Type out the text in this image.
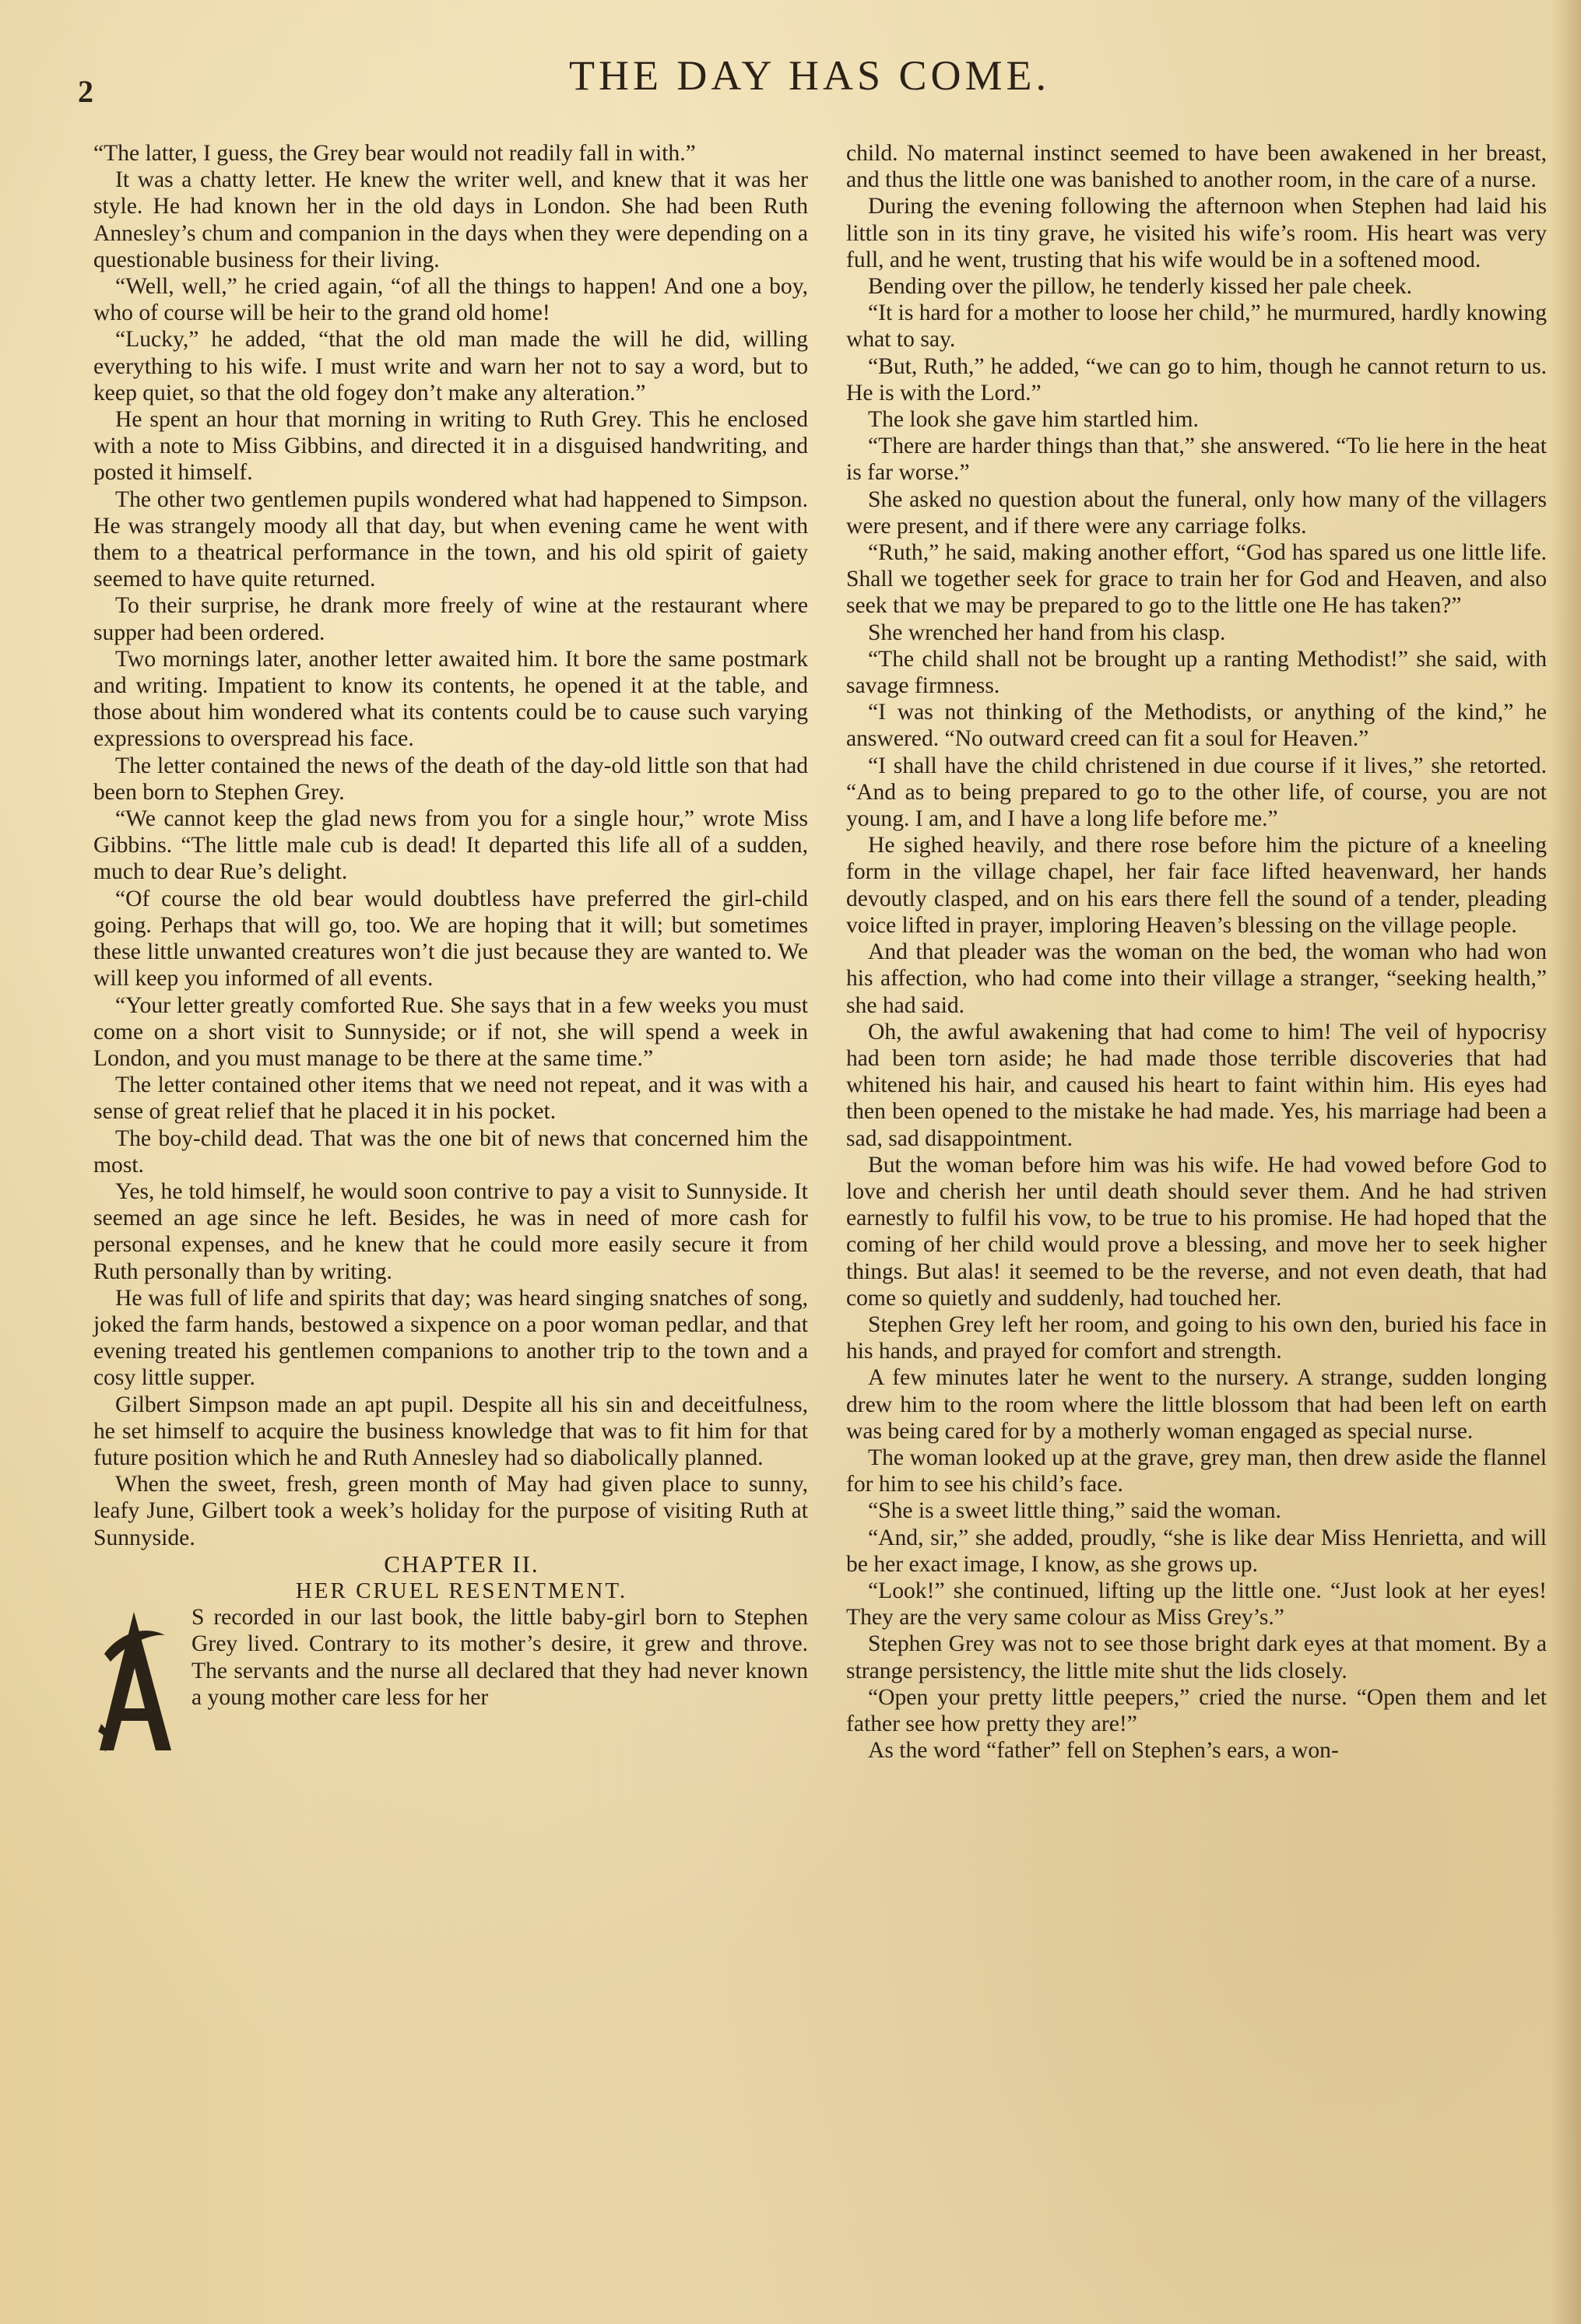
2	THE DAY HAS COME.

“The latter, I guess, the Grey bear would not readily fall in with.”

It was a chatty letter. He knew the writer well, and knew that it was her style. He had known her in the old days in London. She had been Ruth Annesley’s chum and companion in the days when they were depending on a questionable business for their living.

“Well, well,” he cried again, “of all the things to happen! And one a boy, who of course will be heir to the grand old home!

“Lucky,” he added, “that the old man made the will he did, willing everything to his wife. I must write and warn her not to say a word, but to keep quiet, so that the old fogey don’t make any alteration.”

He spent an hour that morning in writing to Ruth Grey. This he enclosed with a note to Miss Gibbins, and directed it in a disguised handwriting, and posted it himself.

The other two gentlemen pupils wondered what had happened to Simpson. He was strangely moody all that day, but when evening came he went with them to a theatrical performance in the town, and his old spirit of gaiety seemed to have quite returned.

To their surprise, he drank more freely of wine at the restaurant where supper had been ordered.

Two mornings later, another letter awaited him. It bore the same postmark and writing. Impatient to know its contents, he opened it at the table, and those about him wondered what its contents could be to cause such varying expressions to overspread his face.

The letter contained the news of the death of the day-old little son that had been born to Stephen Grey.

“We cannot keep the glad news from you for a single hour,” wrote Miss Gibbins. “The little male cub is dead! It departed this life all of a sudden, much to dear Rue’s delight.

“Of course the old bear would doubtless have preferred the girl-child going. Perhaps that will go, too. We are hoping that it will; but sometimes these little unwanted creatures won’t die just because they are wanted to. We will keep you informed of all events.

“Your letter greatly comforted Rue. She says that in a few weeks you must come on a short visit to Sunnyside; or if not, she will spend a week in London, and you must manage to be there at the same time.”

The letter contained other items that we need not repeat, and it was with a sense of great relief that he placed it in his pocket.

The boy-child dead. That was the one bit of news that concerned him the most.

Yes, he told himself, he would soon contrive to pay a visit to Sunnyside. It seemed an age since he left. Besides, he was in need of more cash for personal expenses, and he knew that he could more easily secure it from Ruth personally than by writing.

He was full of life and spirits that day; was heard singing snatches of song, joked the farm hands, bestowed a sixpence on a poor woman pedlar, and that evening treated his gentlemen companions to another trip to the town and a cosy little supper.

Gilbert Simpson made an apt pupil. Despite all his sin and deceitfulness, he set himself to acquire the business knowledge that was to fit him for that future position which he and Ruth Annesley had so diabolically planned.

When the sweet, fresh, green month of May had given place to sunny, leafy June, Gilbert took a week’s holiday for the purpose of visiting Ruth at Sunnyside.

CHAPTER II.

HER CRUEL RESENTMENT.

S recorded in our last book, the little baby-girl born to Stephen Grey lived. Contrary to its mother’s desire, it grew and throve. The servants and the nurse all declared that they had never known a young mother care less for her

child. No maternal instinct seemed to have been awakened in her breast, and thus the little one was banished to another room, in the care of a nurse.

During the evening following the afternoon when Stephen had laid his little son in its tiny grave, he visited his wife’s room. His heart was very full, and he went, trusting that his wife would be in a softened mood.

Bending over the pillow, he tenderly kissed her pale cheek.

“It is hard for a mother to loose her child,” he murmured, hardly knowing what to say.

“But, Ruth,” he added, “we can go to him, though he cannot return to us. He is with the Lord.”

The look she gave him startled him.

“There are harder things than that,” she answered. “To lie here in the heat is far worse.”

She asked no question about the funeral, only how many of the villagers were present, and if there were any carriage folks.

“Ruth,” he said, making another effort, “God has spared us one little life. Shall we together seek for grace to train her for God and Heaven, and also seek that we may be prepared to go to the little one He has taken?”

She wrenched her hand from his clasp.

“The child shall not be brought up a ranting Methodist!” she said, with savage firmness.

“I was not thinking of the Methodists, or anything of the kind,” he answered. “No outward creed can fit a soul for Heaven.”

“I shall have the child christened in due course if it lives,” she retorted. “And as to being prepared to go to the other life, of course, you are not young. I am, and I have a long life before me.”

He sighed heavily, and there rose before him the picture of a kneeling form in the village chapel, her fair face lifted heavenward, her hands devoutly clasped, and on his ears there fell the sound of a tender, pleading voice lifted in prayer, imploring Heaven’s blessing on the village people.

And that pleader was the woman on the bed, the woman who had won his affection, who had come into their village a stranger, “seeking health,” she had said.

Oh, the awful awakening that had come to him! The veil of hypocrisy had been torn aside; he had made those terrible discoveries that had whitened his hair, and caused his heart to faint within him. His eyes had then been opened to the mistake he had made. Yes, his marriage had been a sad, sad disappointment.

But the woman before him was his wife. He had vowed before God to love and cherish her until death should sever them. And he had striven earnestly to fulfil his vow, to be true to his promise. He had hoped that the coming of her child would prove a blessing, and move her to seek higher things. But alas! it seemed to be the reverse, and not even death, that had come so quietly and suddenly, had touched her.

Stephen Grey left her room, and going to his own den, buried his face in his hands, and prayed for comfort and strength.

A few minutes later he went to the nursery. A strange, sudden longing drew him to the room where the little blossom that had been left on earth was being cared for by a motherly woman engaged as special nurse.

The woman looked up at the grave, grey man, then drew aside the flannel for him to see his child’s face.

“She is a sweet little thing,” said the woman.

“And, sir,” she added, proudly, “she is like dear Miss Henrietta, and will be her exact image, I know, as she grows up.

“Look!” she continued, lifting up the little one. “Just look at her eyes! They are the very same colour as Miss Grey’s.”

Stephen Grey was not to see those bright dark eyes at that moment. By a strange persistency, the little mite shut the lids closely.

“Open your pretty little peepers,” cried the nurse. “Open them and let father see how pretty they are!”

As the word “father” fell on Stephen’s ears, a won-
